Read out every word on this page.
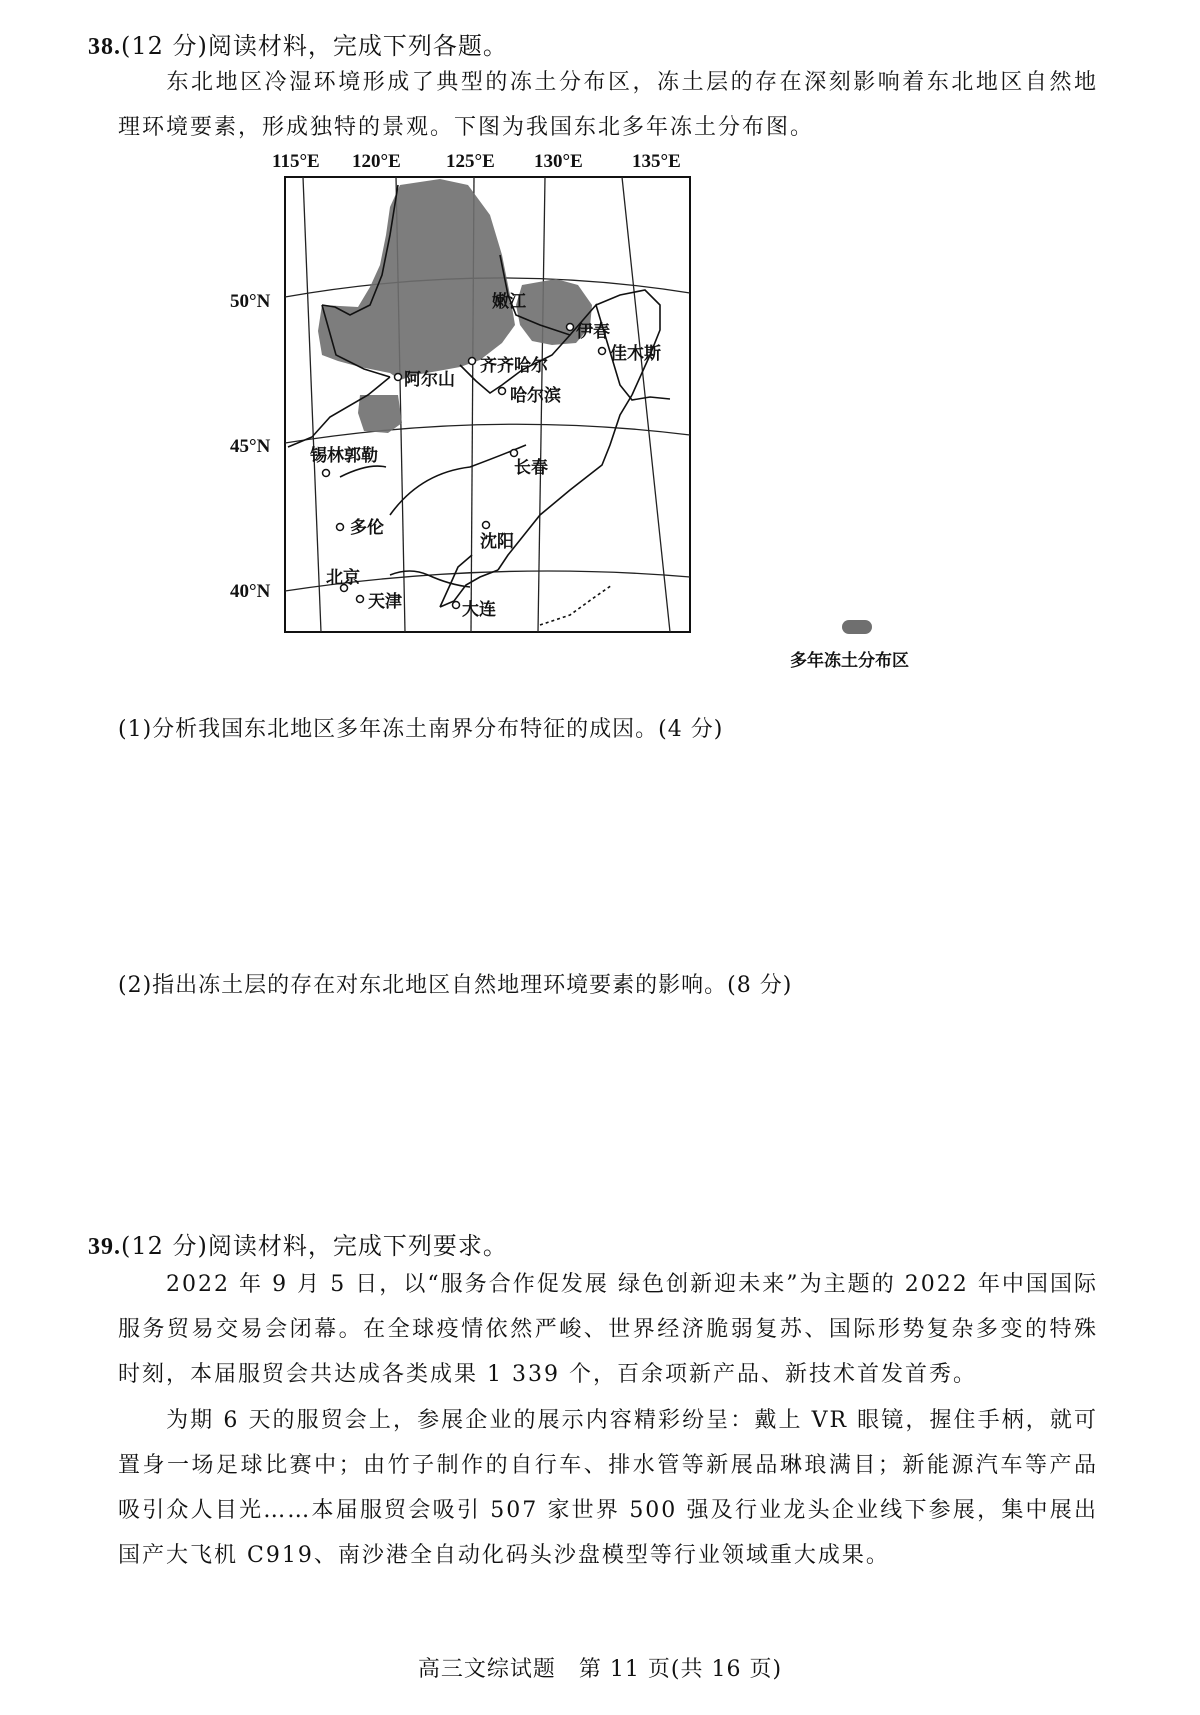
38.(12 分)阅读材料，完成下列各题。
东北地区冷湿环境形成了典型的冻土分布区，冻土层的存在深刻影响着东北地区自然地理环境要素，形成独特的景观。下图为我国东北多年冻土分布图。
115°E 120°E 125°E 130°E	135°E
50°N
45°N
40°N
嫩江
伊春
佳木斯
阿尔山
齐齐哈尔
哈尔滨
锡林郭勒
长春
多伦
沈阳
北京
天津	大连
多年冻土分布区
(1)分析我国东北地区多年冻土南界分布特征的成因。(4 分)
(2)指出冻土层的存在对东北地区自然地理环境要素的影响。(8 分)
39.(12 分)阅读材料，完成下列要求。
2022 年 9 月 5 日，以“服务合作促发展 绿色创新迎未来”为主题的 2022 年中国国际服务贸易交易会闭幕。在全球疫情依然严峻、世界经济脆弱复苏、国际形势复杂多变的特殊时刻，本届服贸会共达成各类成果 1 339 个，百余项新产品、新技术首发首秀。
为期 6 天的服贸会上，参展企业的展示内容精彩纷呈：戴上 VR 眼镜，握住手柄，就可置身一场足球比赛中；由竹子制作的自行车、排水管等新展品琳琅满目；新能源汽车等产品吸引众人目光……本届服贸会吸引 507 家世界 500 强及行业龙头企业线下参展，集中展出国产大飞机 C919、南沙港全自动化码头沙盘模型等行业领域重大成果。
高三文综试题　第 11 页(共 16 页)
